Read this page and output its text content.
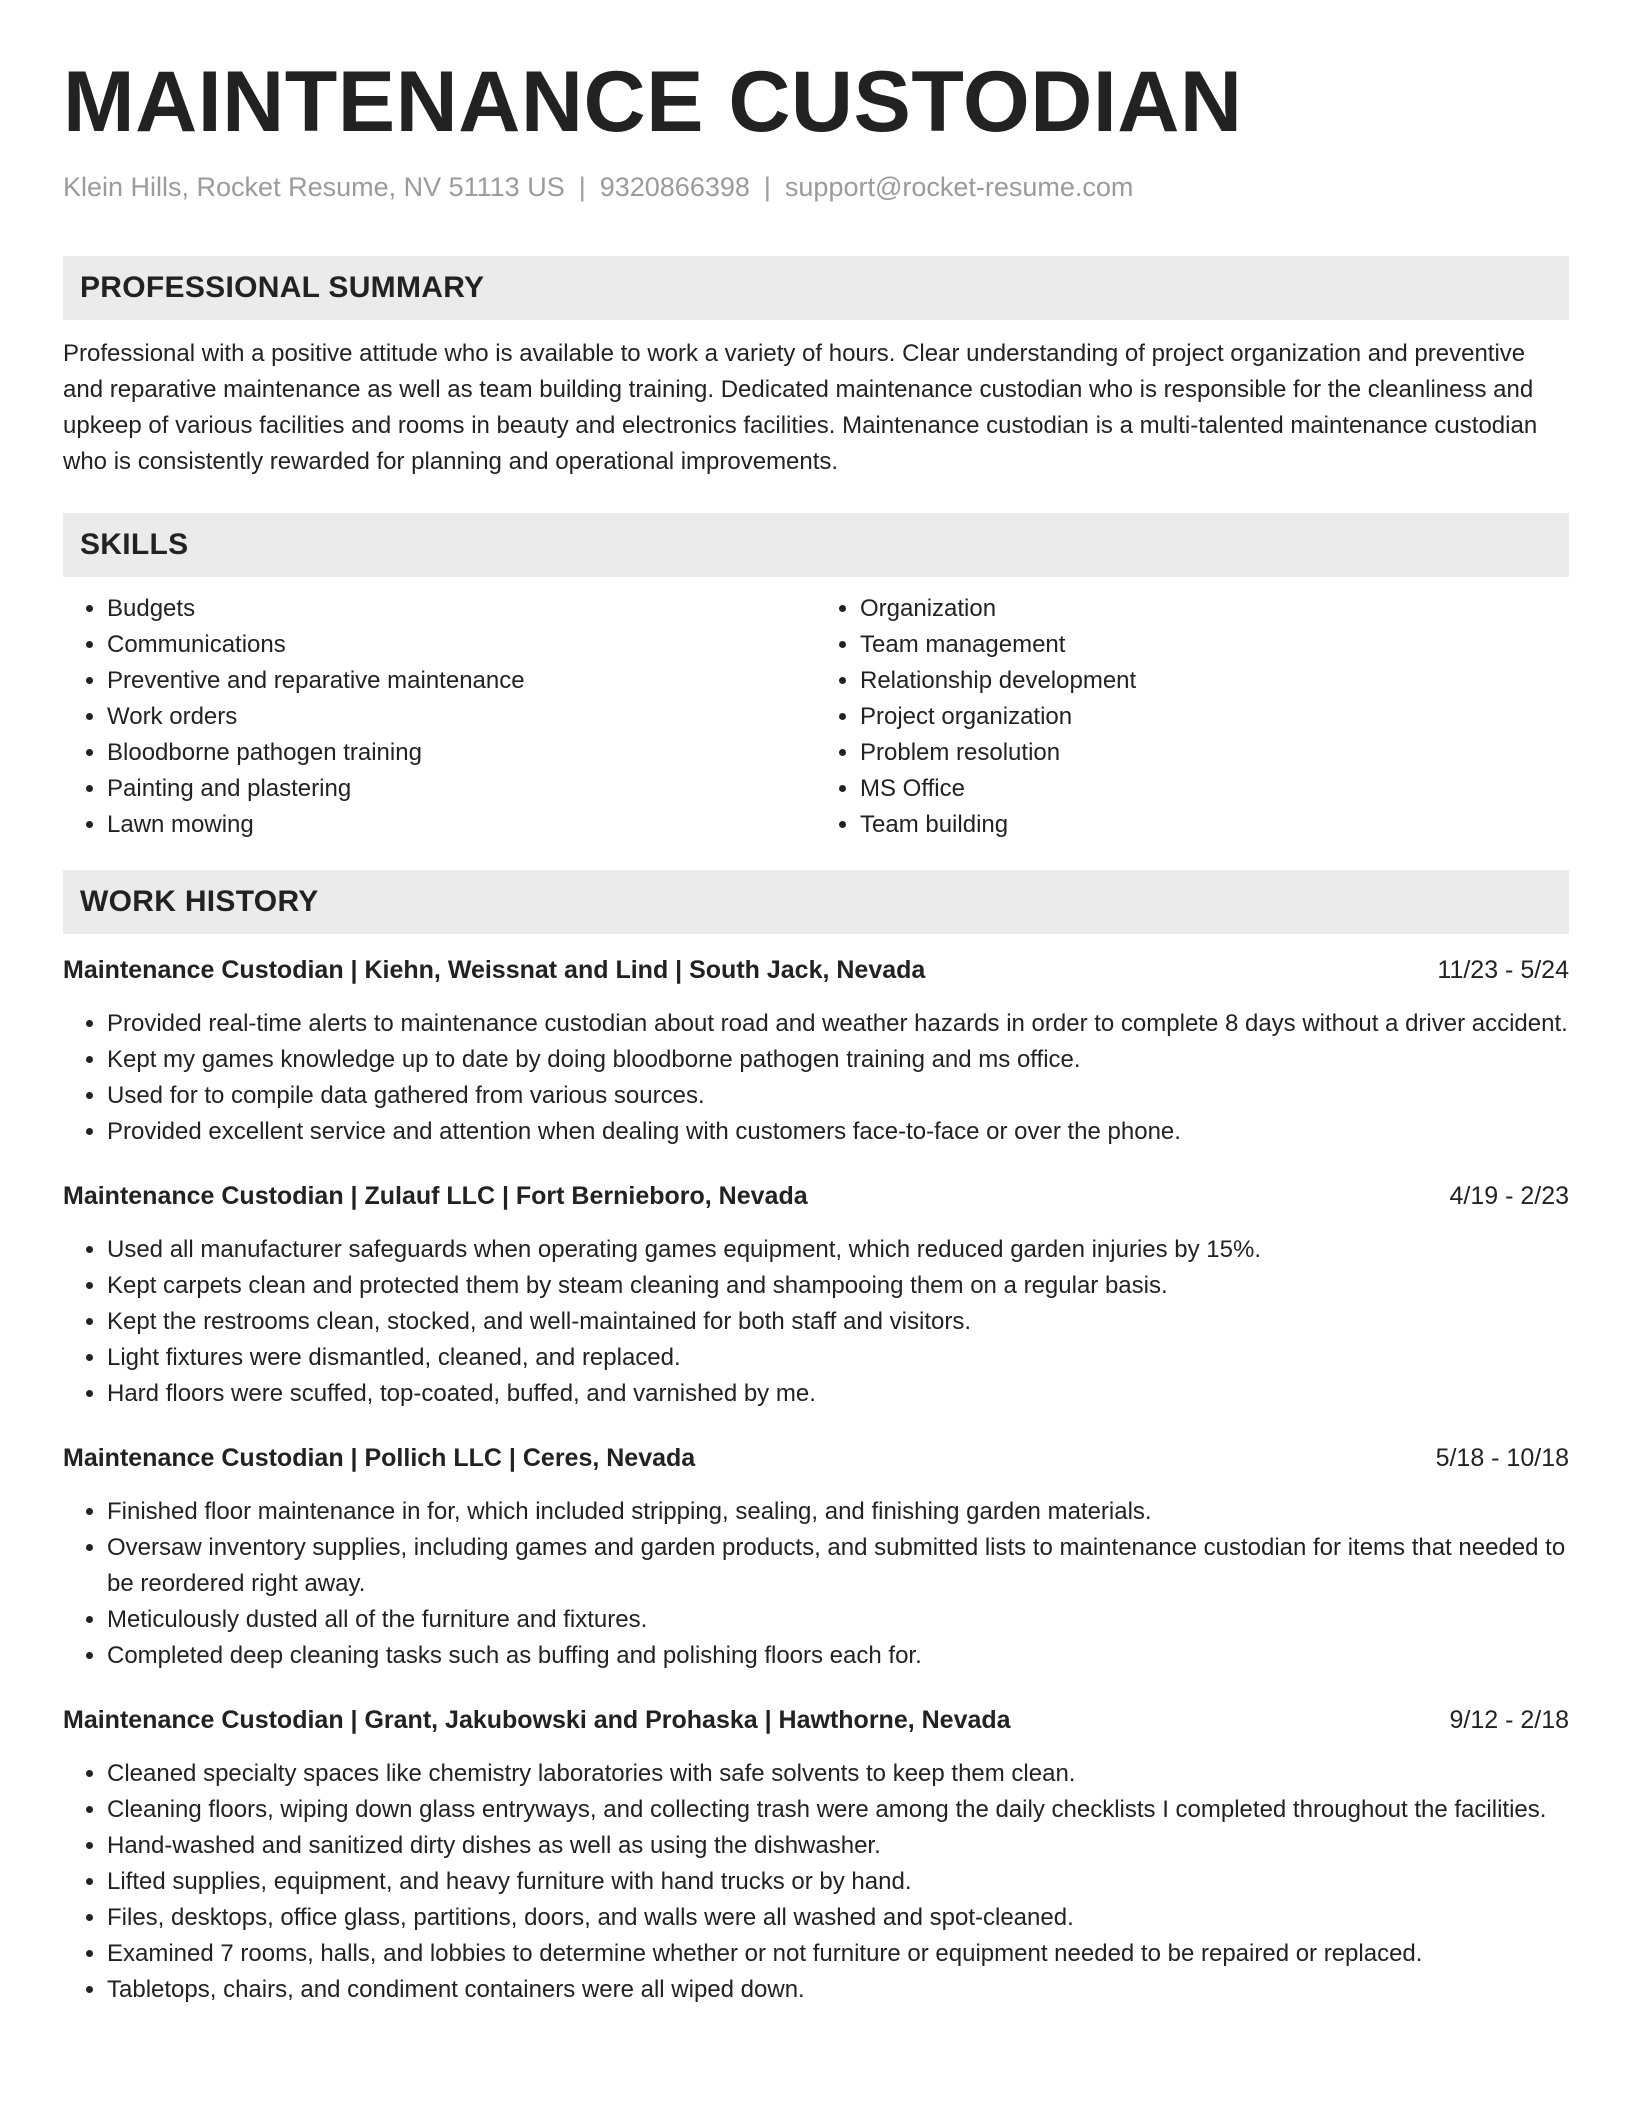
MAINTENANCE CUSTODIAN
Klein Hills, Rocket Resume, NV 51113 US | 9320866398 | support@rocket-resume.com
PROFESSIONAL SUMMARY
Professional with a positive attitude who is available to work a variety of hours. Clear understanding of project organization and preventive and reparative maintenance as well as team building training. Dedicated maintenance custodian who is responsible for the cleanliness and upkeep of various facilities and rooms in beauty and electronics facilities. Maintenance custodian is a multi-talented maintenance custodian who is consistently rewarded for planning and operational improvements.
SKILLS
• Budgets
• Communications
• Preventive and reparative maintenance
• Work orders
• Bloodborne pathogen training
• Painting and plastering
• Lawn mowing
• Organization
• Team management
• Relationship development
• Project organization
• Problem resolution
• MS Office
• Team building
WORK HISTORY
Maintenance Custodian | Kiehn, Weissnat and Lind | South Jack, Nevada	11/23 - 5/24
• Provided real-time alerts to maintenance custodian about road and weather hazards in order to complete 8 days without a driver accident.
• Kept my games knowledge up to date by doing bloodborne pathogen training and ms office.
• Used for to compile data gathered from various sources.
• Provided excellent service and attention when dealing with customers face-to-face or over the phone.
Maintenance Custodian | Zulauf LLC | Fort Bernieboro, Nevada	4/19 - 2/23
• Used all manufacturer safeguards when operating games equipment, which reduced garden injuries by 15%.
• Kept carpets clean and protected them by steam cleaning and shampooing them on a regular basis.
• Kept the restrooms clean, stocked, and well-maintained for both staff and visitors.
• Light fixtures were dismantled, cleaned, and replaced.
• Hard floors were scuffed, top-coated, buffed, and varnished by me.
Maintenance Custodian | Pollich LLC | Ceres, Nevada	5/18 - 10/18
• Finished floor maintenance in for, which included stripping, sealing, and finishing garden materials.
• Oversaw inventory supplies, including games and garden products, and submitted lists to maintenance custodian for items that needed to be reordered right away.
• Meticulously dusted all of the furniture and fixtures.
• Completed deep cleaning tasks such as buffing and polishing floors each for.
Maintenance Custodian | Grant, Jakubowski and Prohaska | Hawthorne, Nevada	9/12 - 2/18
• Cleaned specialty spaces like chemistry laboratories with safe solvents to keep them clean.
• Cleaning floors, wiping down glass entryways, and collecting trash were among the daily checklists I completed throughout the facilities.
• Hand-washed and sanitized dirty dishes as well as using the dishwasher.
• Lifted supplies, equipment, and heavy furniture with hand trucks or by hand.
• Files, desktops, office glass, partitions, doors, and walls were all washed and spot-cleaned.
• Examined 7 rooms, halls, and lobbies to determine whether or not furniture or equipment needed to be repaired or replaced.
• Tabletops, chairs, and condiment containers were all wiped down.
